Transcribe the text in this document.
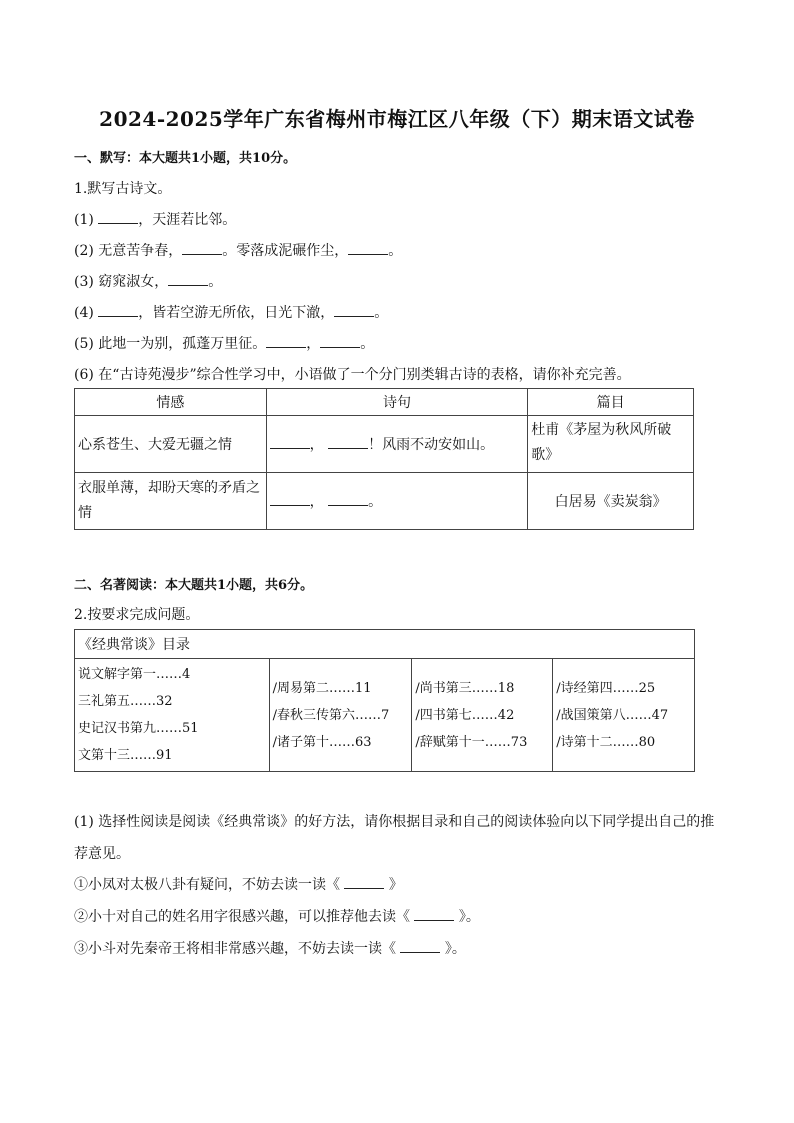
2024-2025学年广东省梅州市梅江区八年级（下）期末语文试卷
一、默写：本大题共1小题，共10分。
1.默写古诗文。
(1)	，天涯若比邻。
(2) 无意苦争春，	。零落成泥碾作尘，	。
(3) 窈窕淑女，	。
(4)	，皆若空游无所依，日光下澈，	。
(5) 此地一为别，孤蓬万里征。	，	。
(6) 在“古诗苑漫步”综合性学习中，小语做了一个分门别类辑古诗的表格，请你补充完善。
情感	诗句	篇目
心系苍生、大爱无疆之情	， ！风雨不动安如山。	杜甫《茅屋为秋风所破歌》
衣服单薄，却盼天寒的矛盾之情	， 。	白居易《卖炭翁》
二、名著阅读：本大题共1小题，共6分。
2.按要求完成问题。
《经典常谈》目录

说文解字第一……4
三礼第五……32
史记汉书第九……51
文第十三……91

/周易第二……11
/春秋三传第六……7
/诸子第十……63

/尚书第三……18
/四书第七……42
/辞赋第十一……73

/诗经第四……25
/战国策第八……47
/诗第十二……80
(1) 选择性阅读是阅读《经典常谈》的好方法，请你根据目录和自己的阅读体验向以下同学提出自己的推
荐意见。
①小凤对太极八卦有疑问，不妨去读一读《	》
②小十对自己的姓名用字很感兴趣，可以推荐他去读《	》。
③小斗对先秦帝王将相非常感兴趣，不妨去读一读《	》。
